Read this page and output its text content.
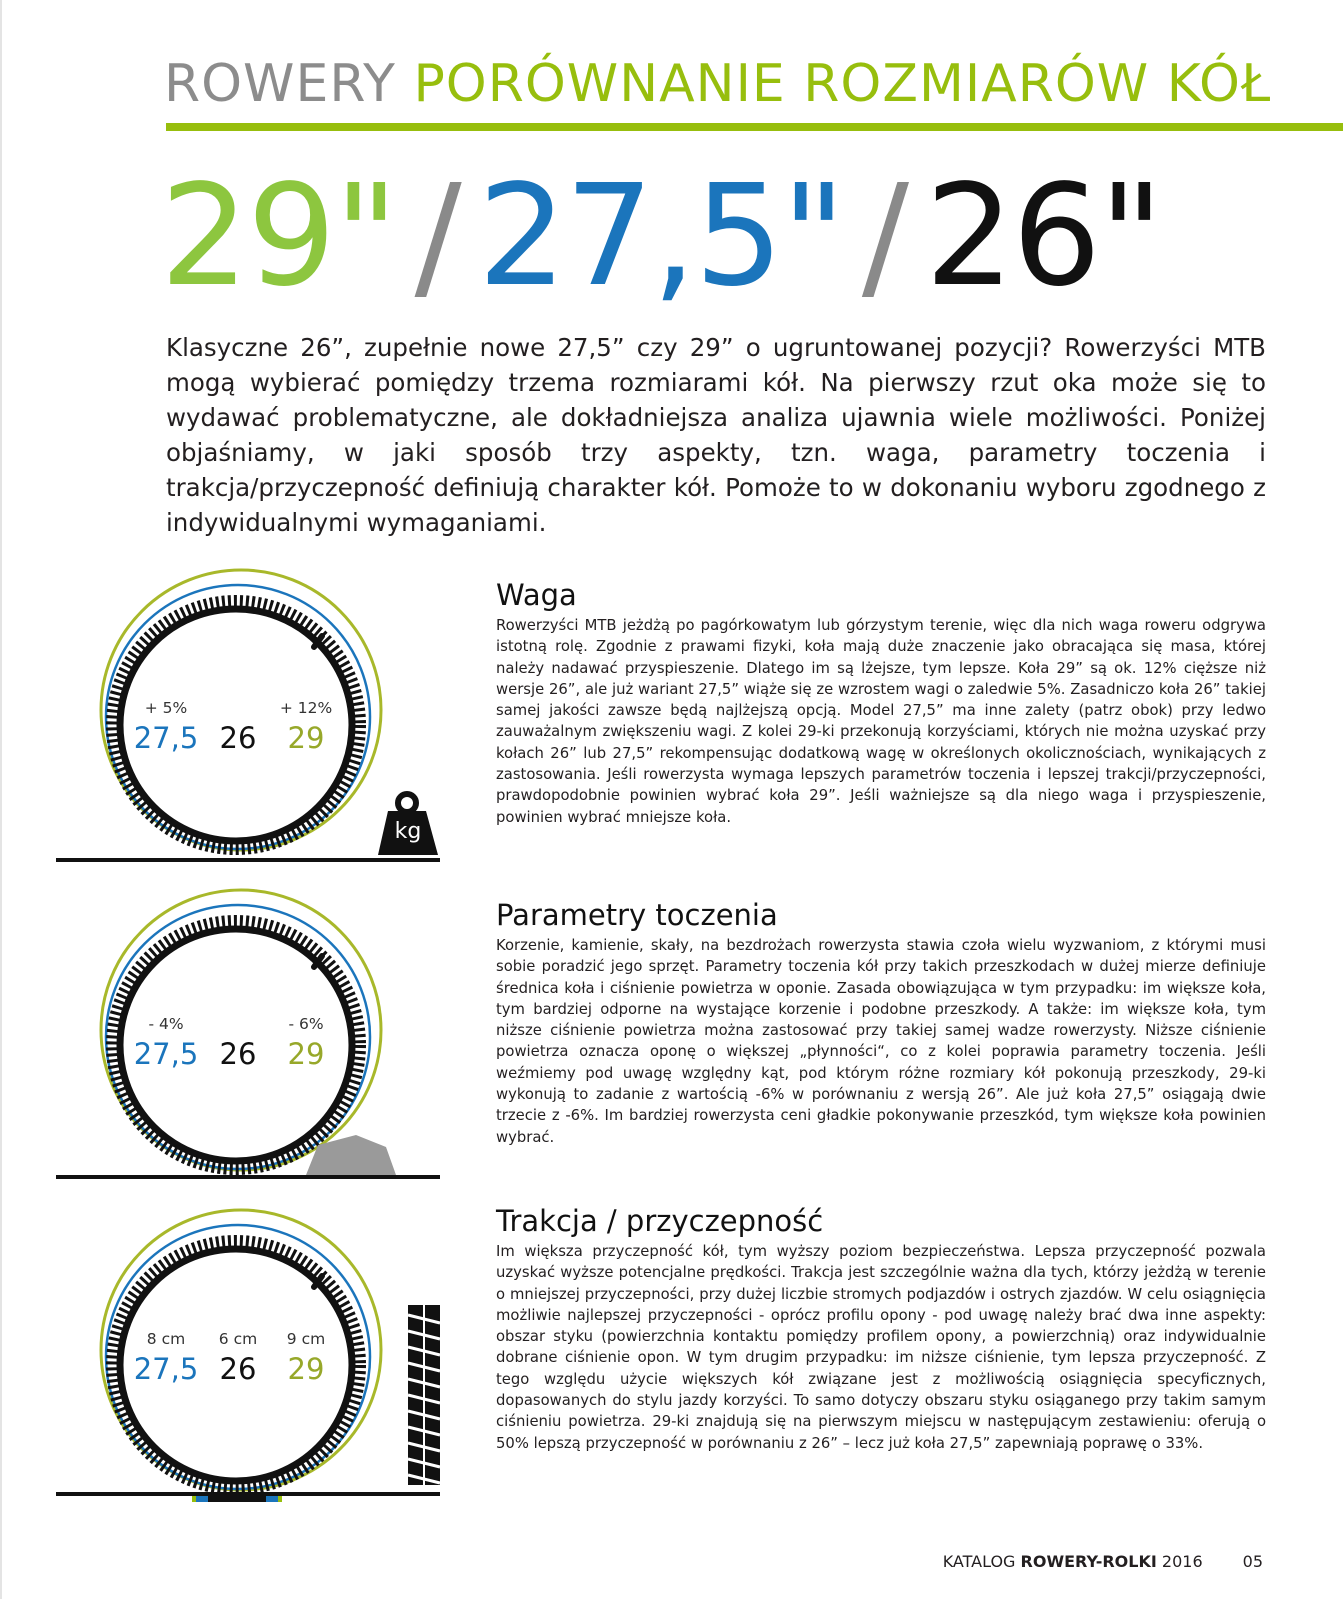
ROWERY PORÓWNANIE ROZMIARÓW KÓŁ
29" / 27,5" / 26"

Klasyczne 26”, zupełnie nowe 27,5” czy 29” o ugruntowanej pozycji? Rowerzyści MTB mogą wybierać pomiędzy trzema rozmiarami kół. Na pierwszy rzut oka może się to wydawać problematyczne, ale dokładniejsza analiza ujawnia wiele możliwości. Poniżej objaśniamy, w jaki sposób trzy aspekty, tzn. waga, parametry toczenia i trakcja/przyczepność definiują charakter kół. Pomoże to w dokonaniu wyboru zgodnego z indywidualnymi wymaganiami.

Waga

Rowerzyści MTB jeżdżą po pagórkowatym lub górzystym terenie, więc dla nich waga roweru odgrywa istotną rolę. Zgodnie z prawami fizyki, koła mają duże znaczenie jako obracająca się masa, której należy nadawać przyspieszenie. Dlatego im są lżejsze, tym lepsze. Koła 29” są ok. 12% cięższe niż wersje 26”, ale już wariant 27,5” wiąże się ze wzrostem wagi o zaledwie 5%. Zasadniczo koła 26” takiej samej jakości zawsze będą najlżejszą opcją. Model 27,5” ma inne zalety (patrz obok) przy ledwo zauważalnym zwiększeniu wagi. Z kolei 29-ki przekonują korzyściami, których nie można uzyskać przy kołach 26” lub 27,5” rekompensując dodatkową wagę w określonych okolicznościach, wynikających z zastosowania. Jeśli rowerzysta wymaga lepszych parametrów toczenia i lepszej trakcji/przyczepności, prawdopodobnie powinien wybrać koła 29”. Jeśli ważniejsze są dla niego waga i przyspieszenie, powinien wybrać mniejsze koła.

kg
+ 5%	+ 12%
27,5 26	29
Parametry toczenia

Korzenie, kamienie, skały, na bezdrożach rowerzysta stawia czoła wielu wyzwaniom, z którymi musi sobie poradzić jego sprzęt. Parametry toczenia kół przy takich przeszkodach w dużej mierze definiuje średnica koła i ciśnienie powietrza w oponie. Zasada obowiązująca w tym przypadku: im większe koła, tym bardziej odporne na wystające korzenie i podobne przeszkody. A także: im większe koła, tym niższe ciśnienie powietrza można zastosować przy takiej samej wadze rowerzysty. Niższe ciśnienie powietrza oznacza oponę o większej „płynności“, co z kolei poprawia parametry toczenia. Jeśli weźmiemy pod uwagę względny kąt, pod którym różne rozmiary kół pokonują przeszkody, 29-ki wykonują to zadanie z wartością -6% w porównaniu z wersją 26”. Ale już koła 27,5” osiągają dwie trzecie z -6%. Im bardziej rowerzysta ceni gładkie pokonywanie przeszkód, tym większe koła powinien wybrać.

- 4%	- 6%
27,5 26	29
Trakcja / przyczepność

Im większa przyczepność kół, tym wyższy poziom bezpieczeństwa. Lepsza przyczepność pozwala uzyskać wyższe potencjalne prędkości. Trakcja jest szczególnie ważna dla tych, którzy jeżdżą w terenie o mniejszej przyczepności, przy dużej liczbie stromych podjazdów i ostrych zjazdów. W celu osiągnięcia możliwie najlepszej przyczepności - oprócz profilu opony - pod uwagę należy brać dwa inne aspekty: obszar styku (powierzchnia kontaktu pomiędzy profilem opony, a powierzchnią) oraz indywidualnie dobrane ciśnienie opon. W tym drugim przypadku: im niższe ciśnienie, tym lepsza przyczepność. Z tego względu użycie większych kół związane jest z możliwością osiągnięcia specyficznych, dopasowanych do stylu jazdy korzyści. To samo dotyczy obszaru styku osiąganego przy takim samym ciśnieniu powietrza. 29-ki znajdują się na pierwszym miejscu w następującym zestawieniu: oferują o 50% lepszą przyczepność w porównaniu z 26” – lecz już koła 27,5” zapewniają poprawę o 33%.

8 cm	6 cm	9 cm
27,5 26	29
KATALOG ROWERY-ROLKI 2016	05
